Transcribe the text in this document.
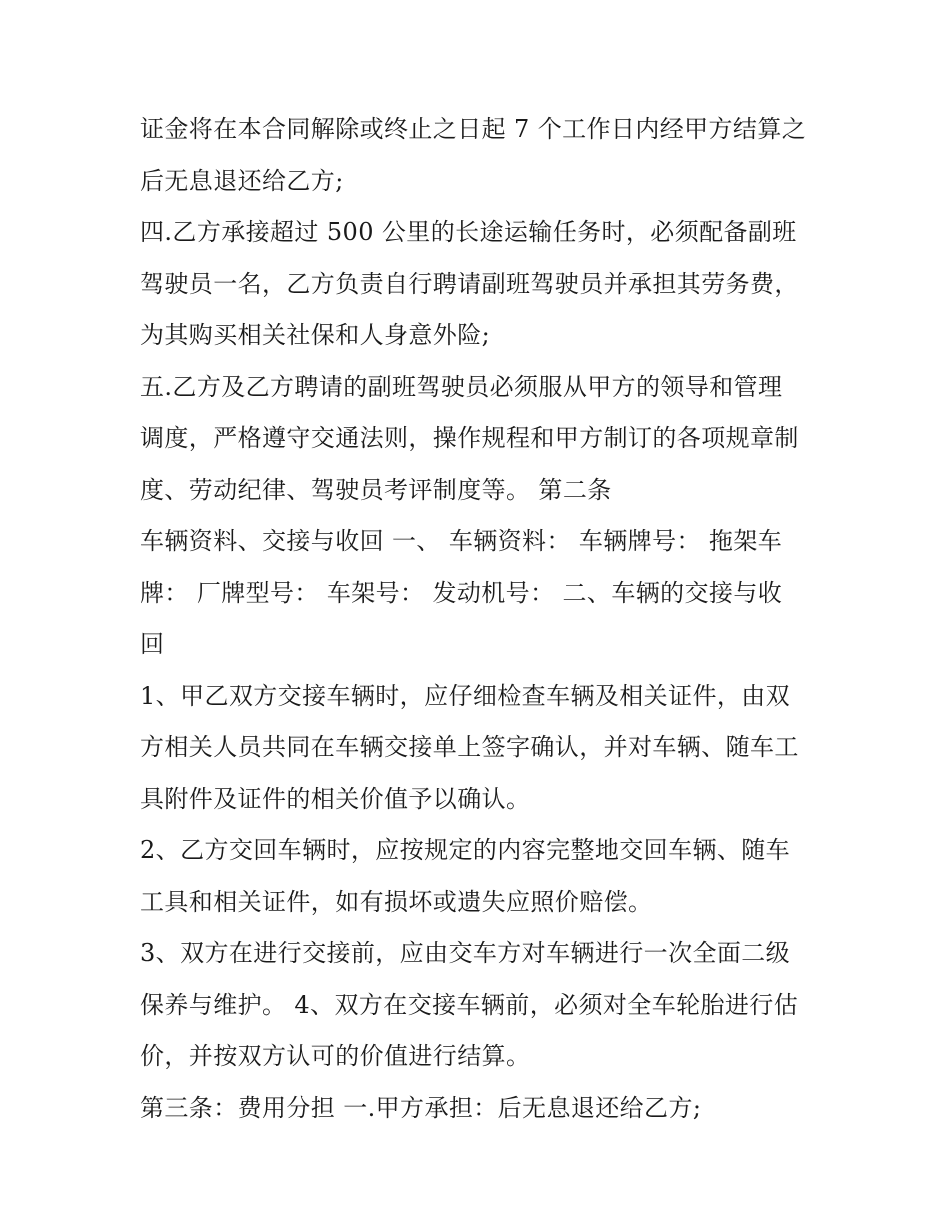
证金将在本合同解除或终止之日起 7 个工作日内经甲方结算之
后无息退还给乙方;
四.乙方承接超过 500 公里的长途运输任务时，必须配备副班
驾驶员一名，乙方负责自行聘请副班驾驶员并承担其劳务费，
为其购买相关社保和人身意外险;
五.乙方及乙方聘请的副班驾驶员必须服从甲方的领导和管理
调度，严格遵守交通法则，操作规程和甲方制订的各项规章制
度、劳动纪律、驾驶员考评制度等。 第二条
车辆资料、交接与收回 一、 车辆资料： 车辆牌号： 拖架车
牌： 厂牌型号： 车架号： 发动机号： 二、车辆的交接与收
回
1、甲乙双方交接车辆时，应仔细检查车辆及相关证件，由双
方相关人员共同在车辆交接单上签字确认，并对车辆、随车工
具附件及证件的相关价值予以确认。
2、乙方交回车辆时，应按规定的内容完整地交回车辆、随车
工具和相关证件，如有损坏或遗失应照价赔偿。
3、双方在进行交接前，应由交车方对车辆进行一次全面二级
保养与维护。 4、双方在交接车辆前，必须对全车轮胎进行估
价，并按双方认可的价值进行结算。
第三条：费用分担 一.甲方承担：后无息退还给乙方;
